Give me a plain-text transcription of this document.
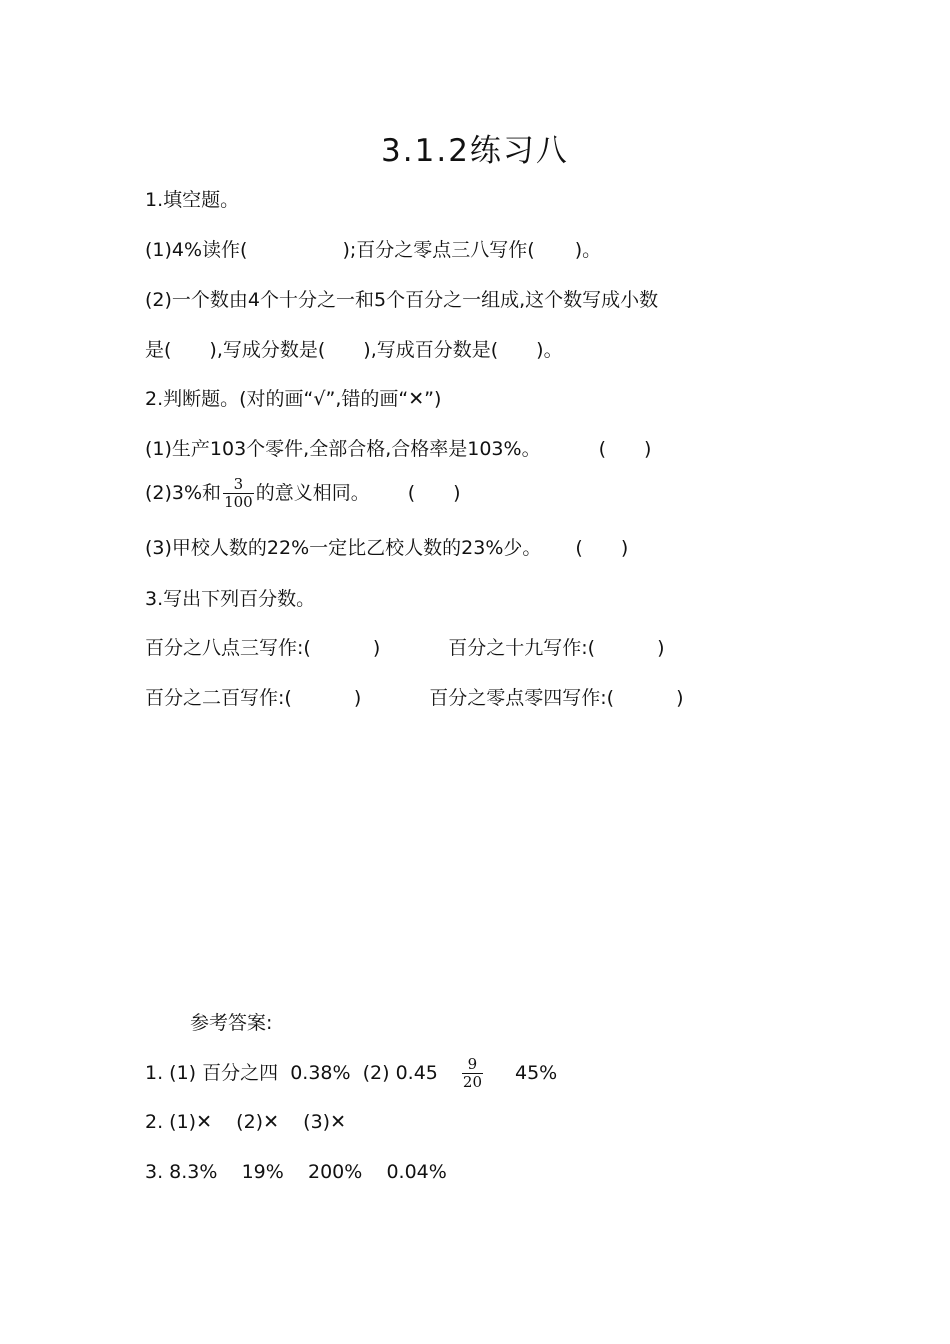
3.1.2练习八
1.填空题。
(1)4%读作(	);百分之零点三八写作( )。
(2)一个数由4个十分之一和5个百分之一组成,这个数写成小数
是( ),写成分数是( ),写成百分数是( )。
2.判断题。(对的画“√”,错的画“✕”)
(1)生产103个零件,全部合格,合格率是103%。	( )
(2)3%和 $\frac{3}{100}$ 的意义相同。 ( )
(3)甲校人数的22%一定比乙校人数的23%少。 ( )
3.写出下列百分数。
百分之八点三写作:(	)	百分之十九写作:(	)
百分之二百写作:(	)	百分之零点零四写作:(	)
参考答案:
1. (1) 百分之四  0.38%  (2) $0.45 \frac{9}{20} 45\%$
2. (1)✕    (2)✕    (3)✕
3. 8.3%    19%    200%    0.04%
